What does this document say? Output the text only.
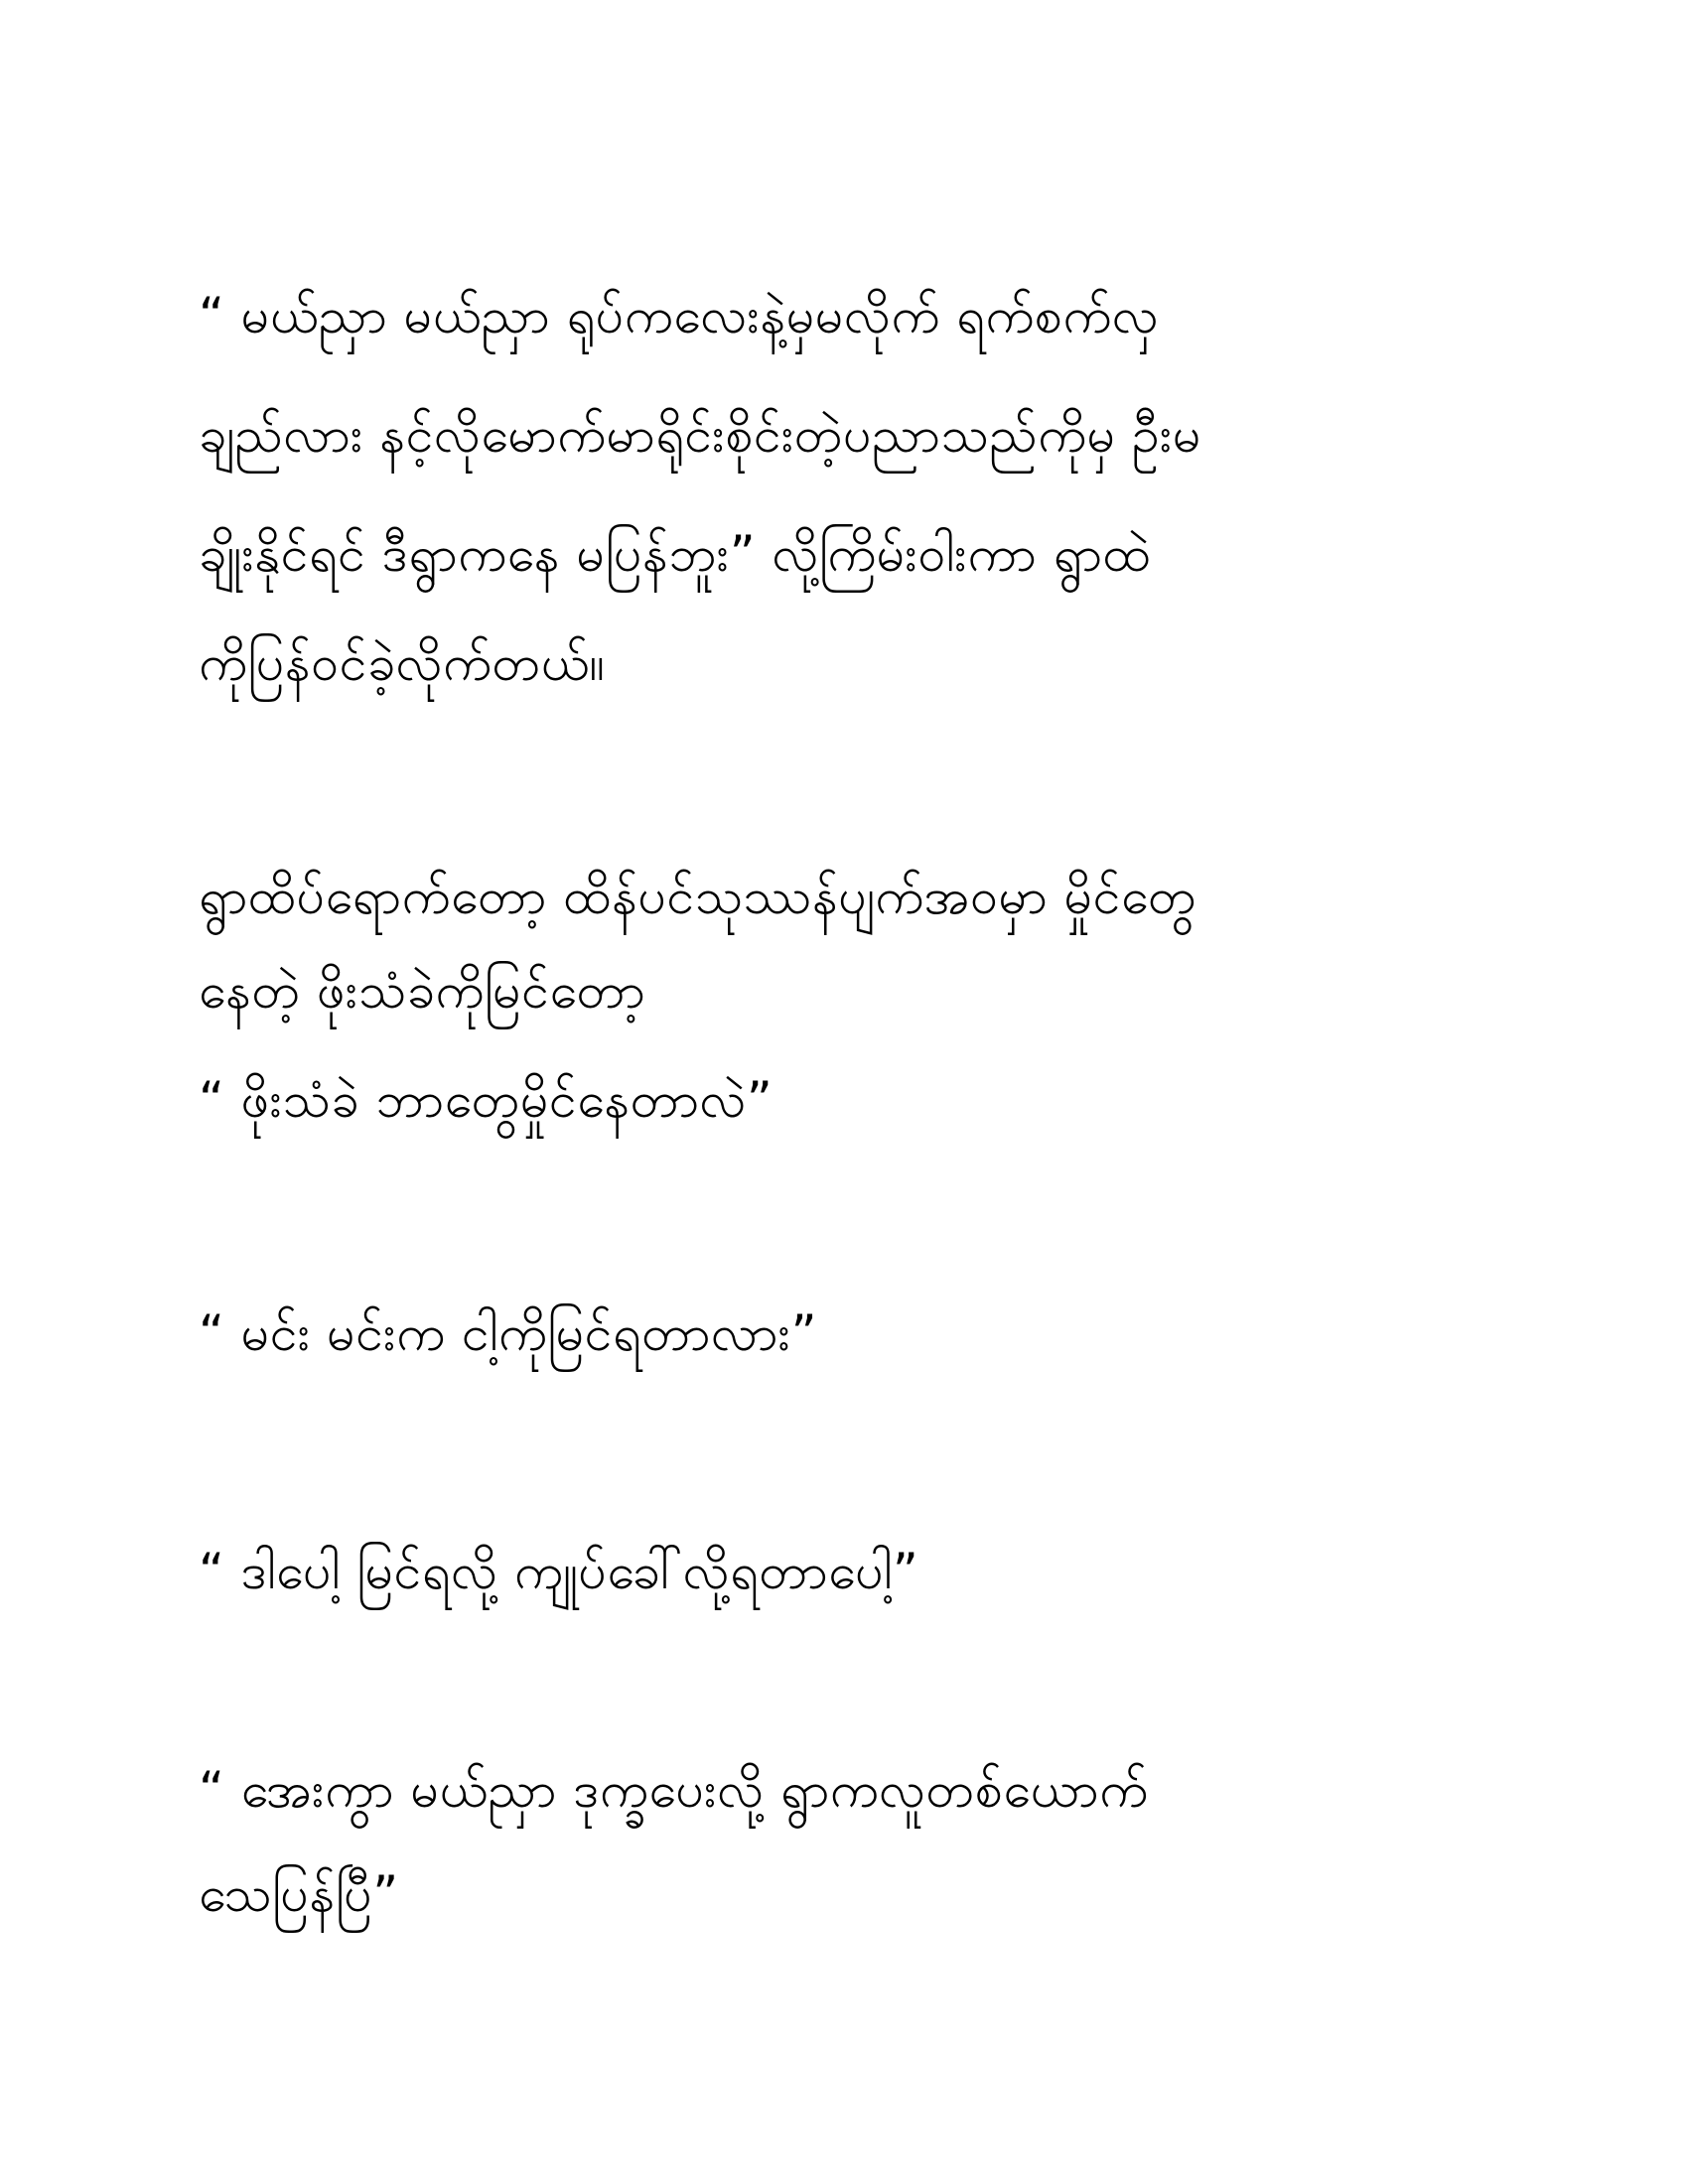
“ မယ်ညှာ မယ်ညှာ ရုပ်ကလေးနဲ့မှမလိုက် ရက်စက်လှ
ချည်လား နင့်လိုမောက်မာရိုင်းစိုင်းတဲ့ပညာသည်ကိုမှ ဦးမ
ချိုးနိုင်ရင် ဒီရွာကနေ မပြန်ဘူး” လို့ကြိမ်းဝါးကာ ရွာထဲ
ကိုပြန်ဝင်ခဲ့လိုက်တယ်။
ရွာထိပ်ရောက်တော့ ထိန်ပင်သုဿန်ပျက်အဝမှာ မှိုင်တွေ
နေတဲ့ ဖိုးသံခဲကိုမြင်တော့
“ ဖိုးသံခဲ ဘာတွေမှိုင်နေတာလဲ”
“ မင်း မင်းက ငါ့ကိုမြင်ရတာလား”
“ ဒါပေါ့ မြင်ရလို့ ကျုပ်ခေါ်လို့ရတာပေါ့”
“ အေးကွာ မယ်ညှာ ဒုက္ခပေးလို့ ရွာကလူတစ်ယောက်
သေပြန်ပြီ”
